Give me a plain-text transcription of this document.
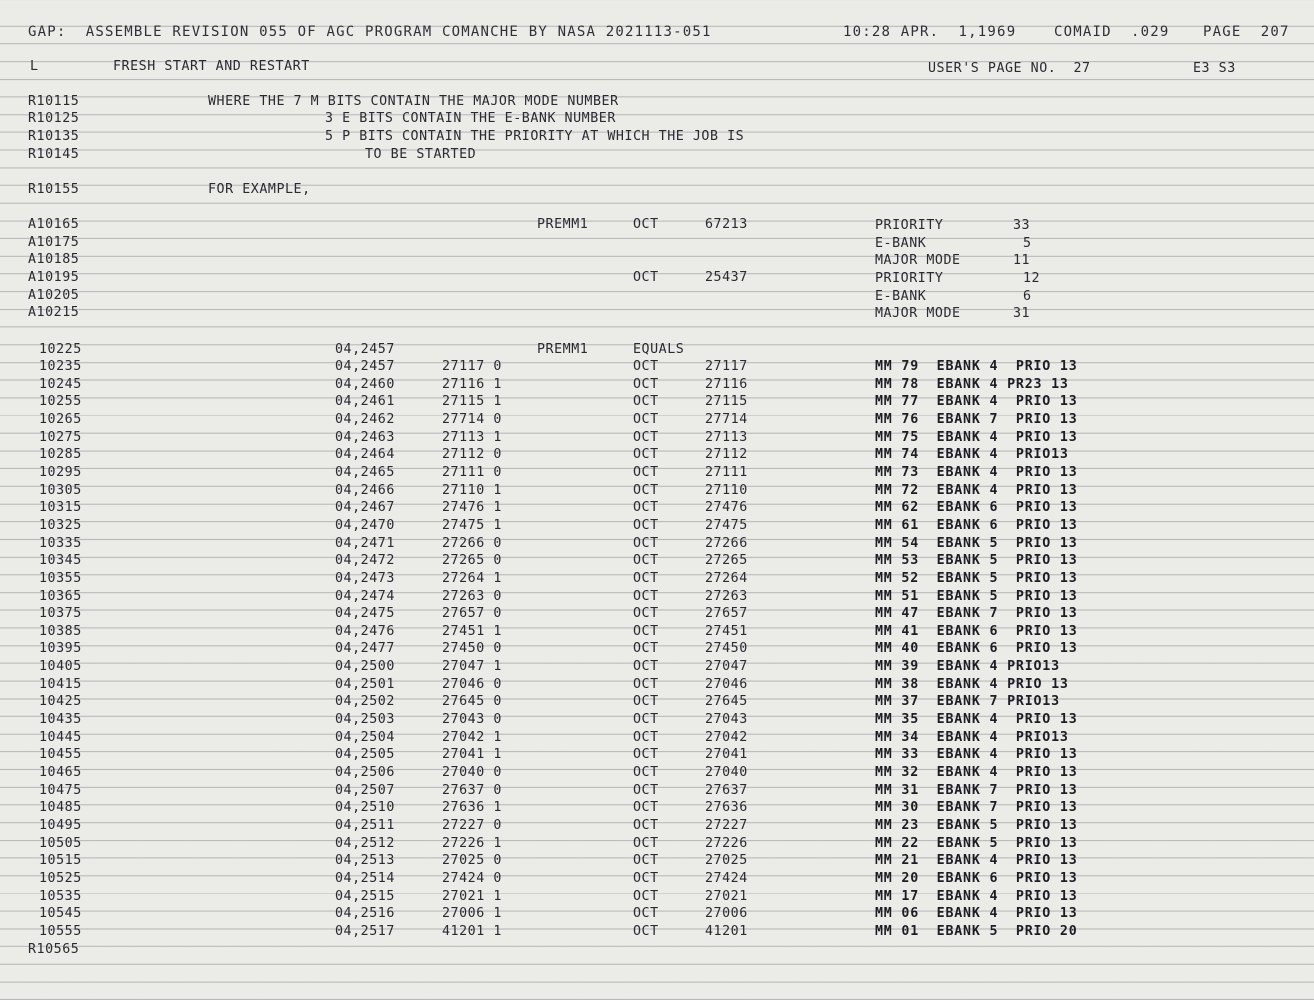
GAP:  ASSEMBLE REVISION 055 OF AGC PROGRAM COMANCHE BY NASA 2021113-051	10:28 APR.  1,1969	COMAID  .029 PAGE  207
L	FRESH START AND RESTART	USER'S PAGE NO.  27	E3 S3
R10115	WHERE THE 7 M BITS CONTAIN THE MAJOR MODE NUMBER
R10125	3 E BITS CONTAIN THE E-BANK NUMBER
R10135	5 P BITS CONTAIN THE PRIORITY AT WHICH THE JOB IS
R10145	TO BE STARTED
R10155	FOR EXAMPLE,
A10165	PREMM1	OCT	67213	PRIORITY	33
A10175	E-BANK	5
A10185	MAJOR MODE	11
A10195	OCT	25437	PRIORITY	12
A10205	E-BANK	6
A10215	MAJOR MODE	31
10225	04,2457	PREMM1	EQUALS
10235	04,2457	27117 0	OCT	27117	MM 79  EBANK 4  PRIO 13
10245	04,2460	27116 1	OCT	27116	MM 78  EBANK 4 PR23 13
10255	04,2461	27115 1	OCT	27115	MM 77  EBANK 4  PRIO 13
10265	04,2462	27714 0	OCT	27714	MM 76  EBANK 7  PRIO 13
10275	04,2463	27113 1	OCT	27113	MM 75  EBANK 4  PRIO 13
10285	04,2464	27112 0	OCT	27112	MM 74  EBANK 4  PRIO13
10295	04,2465	27111 0	OCT	27111	MM 73  EBANK 4  PRIO 13
10305	04,2466	27110 1	OCT	27110	MM 72  EBANK 4  PRIO 13
10315	04,2467	27476 1	OCT	27476	MM 62  EBANK 6  PRIO 13
10325	04,2470	27475 1	OCT	27475	MM 61  EBANK 6  PRIO 13
10335	04,2471	27266 0	OCT	27266	MM 54  EBANK 5  PRIO 13
10345	04,2472	27265 0	OCT	27265	MM 53  EBANK 5  PRIO 13
10355	04,2473	27264 1	OCT	27264	MM 52  EBANK 5  PRIO 13
10365	04,2474	27263 0	OCT	27263	MM 51  EBANK 5  PRIO 13
10375	04,2475	27657 0	OCT	27657	MM 47  EBANK 7  PRIO 13
10385	04,2476	27451 1	OCT	27451	MM 41  EBANK 6  PRIO 13
10395	04,2477	27450 0	OCT	27450	MM 40  EBANK 6  PRIO 13
10405	04,2500	27047 1	OCT	27047	MM 39  EBANK 4 PRIO13
10415	04,2501	27046 0	OCT	27046	MM 38  EBANK 4 PRIO 13
10425	04,2502	27645 0	OCT	27645	MM 37  EBANK 7 PRIO13
10435	04,2503	27043 0	OCT	27043	MM 35  EBANK 4  PRIO 13
10445	04,2504	27042 1	OCT	27042	MM 34  EBANK 4  PRIO13
10455	04,2505	27041 1	OCT	27041	MM 33  EBANK 4  PRIO 13
10465	04,2506	27040 0	OCT	27040	MM 32  EBANK 4  PRIO 13
10475	04,2507	27637 0	OCT	27637	MM 31  EBANK 7  PRIO 13
10485	04,2510	27636 1	OCT	27636	MM 30  EBANK 7  PRIO 13
10495	04,2511	27227 0	OCT	27227	MM 23  EBANK 5  PRIO 13
10505	04,2512	27226 1	OCT	27226	MM 22  EBANK 5  PRIO 13
10515	04,2513	27025 0	OCT	27025	MM 21  EBANK 4  PRIO 13
10525	04,2514	27424 0	OCT	27424	MM 20  EBANK 6  PRIO 13
10535	04,2515	27021 1	OCT	27021	MM 17  EBANK 4  PRIO 13
10545	04,2516	27006 1	OCT	27006	MM 06  EBANK 4  PRIO 13
10555	04,2517	41201 1	OCT	41201	MM 01  EBANK 5  PRIO 20
R10565
